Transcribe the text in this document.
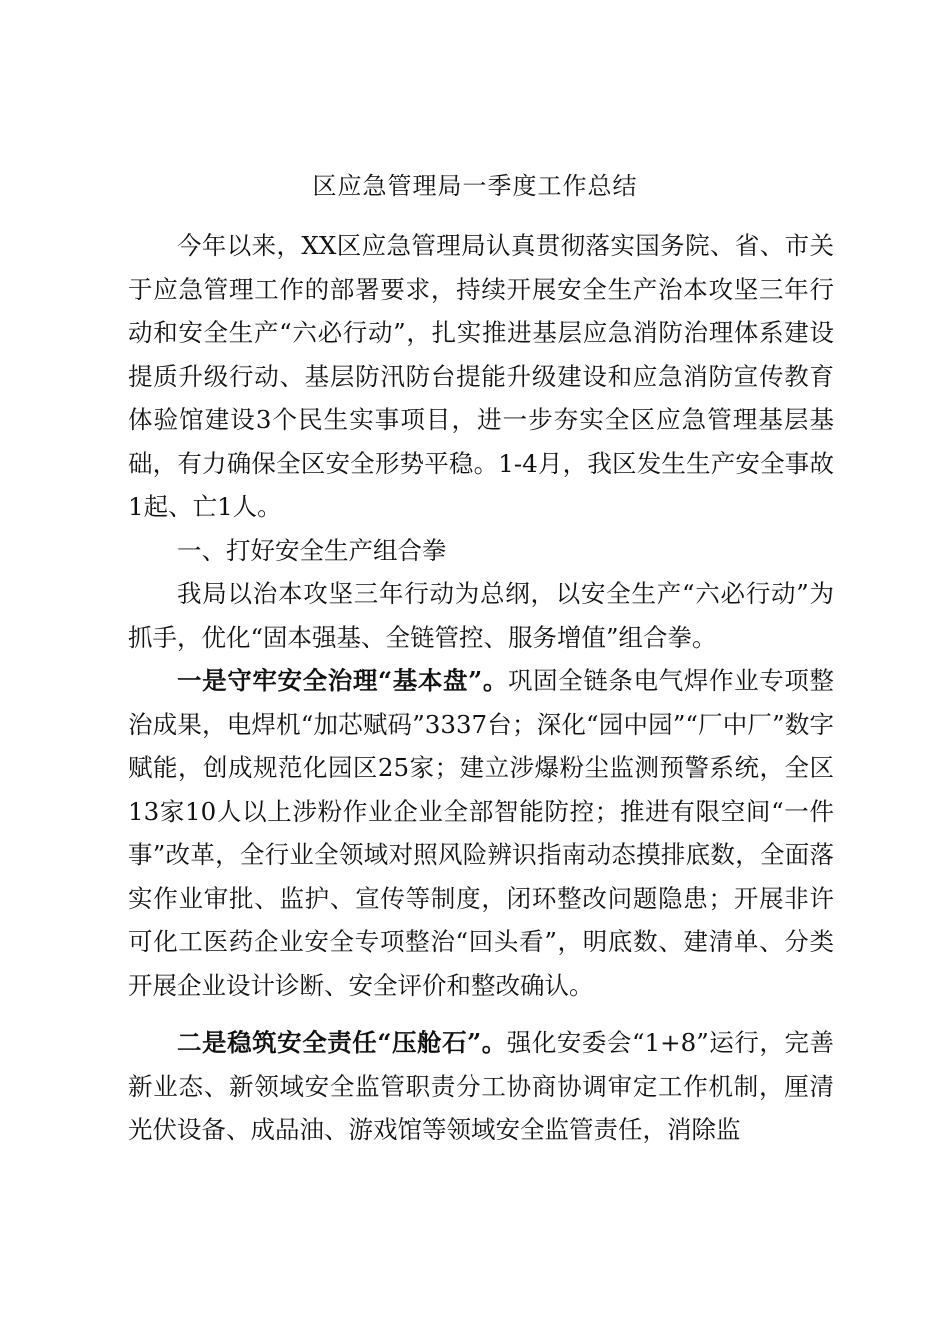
区应急管理局一季度工作总结

今年以来，XX区应急管理局认真贯彻落实国务院、省、市关于应急管理工作的部署要求，持续开展安全生产治本攻坚三年行动和安全生产“六必行动”，扎实推进基层应急消防治理体系建设提质升级行动、基层防汛防台提能升级建设和应急消防宣传教育体验馆建设3个民生实事项目，进一步夯实全区应急管理基层基础，有力确保全区安全形势平稳。1-4月，我区发生生产安全事故1起、亡1人。

一、打好安全生产组合拳

我局以治本攻坚三年行动为总纲，以安全生产“六必行动”为抓手，优化“固本强基、全链管控、服务增值”组合拳。

一是守牢安全治理“基本盘”。巩固全链条电气焊作业专项整治成果，电焊机“加芯赋码”3337台；深化“园中园”“厂中厂”数字赋能，创成规范化园区25家；建立涉爆粉尘监测预警系统，全区13家10人以上涉粉作业企业全部智能防控；推进有限空间“一件事”改革，全行业全领域对照风险辨识指南动态摸排底数，全面落实作业审批、监护、宣传等制度，闭环整改问题隐患；开展非许可化工医药企业安全专项整治“回头看”，明底数、建清单、分类开展企业设计诊断、安全评价和整改确认。

二是稳筑安全责任“压舱石”。强化安委会“1+8”运行，完善新业态、新领域安全监管职责分工协商协调审定工作机制，厘清光伏设备、成品油、游戏馆等领域安全监管责任，消除监
